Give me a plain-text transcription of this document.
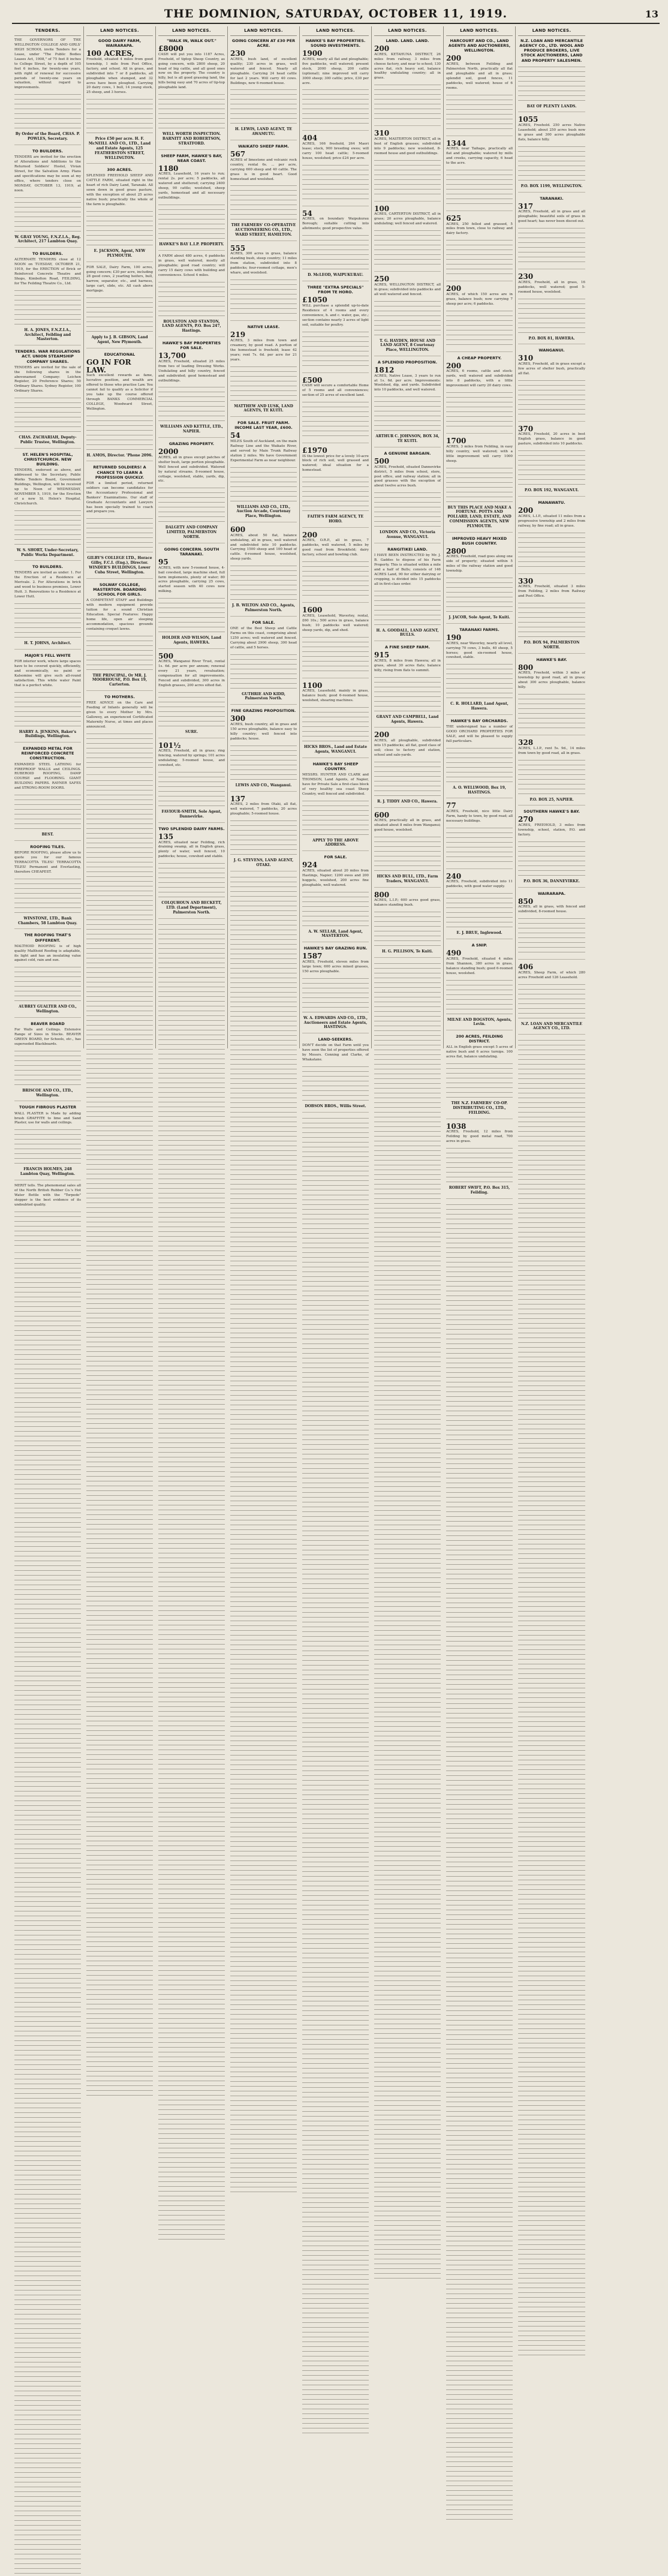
THE DOMINION, SATURDAY, OCTOBER 11, 1919.	13
TENDERS.
THE GOVERNORS OF THE WELLINGTON COLLEGE AND GIRLS' HIGH SCHOOL invite Tenders for a Lease, under "The Public Bodies Leases Act, 1908," of 75 feet 8 inches to College Street, by a depth of 105 feet 6 inches, for twenty-one years, with right of renewal for successive periods of twenty-one years on valuation, without regard to improvements.
By Order of the Board, CHAS. P. POWLES, Secretary.
TO BUILDERS.
TENDERS are invited for the erection of Alterations and Additions to the Returned Soldiers' Hostel, Vivian Street, for the Salvation Army. Plans and specifications may be seen at my office, where tenders close on MONDAY, OCTOBER 13, 1919, at noon.
W. GRAY YOUNG, F.N.Z.I.A., Reg. Architect, 217 Lambton Quay.
TO BUILDERS.
ALTERNATE TENDERS close at 12 NOON on TUESDAY, OCTOBER 21, 1919, for the ERECTION of Brick or Reinforced Concrete Theatre and Shops, Kimbolton Road, FEILDING, for The Feilding Theatre Co., Ltd.
H. A. JONES, F.N.Z.I.A., Architect, Feilding and Masterton.
TENDERS. WAR REGULATIONS ACT. UNION STEAMSHIP COMPANY SHARES.
TENDERS are invited for the sale of the following shares in the abovenamed Company: Leichen Register, 20 Preference Shares; 50 Ordinary Shares. Sydney Register, 100 Ordinary Shares.
CHAS. ZACHARIAH, Deputy-Public Trustee, Wellington.
ST. HELEN'S HOSPITAL, CHRISTCHURCH. NEW BUILDING.
TENDERS, endorsed as above, and addressed to the Secretary, Public Works Tenders Board, Government Buildings, Wellington, will be received up to Noon of WEDNESDAY, NOVEMBER 5, 1919, for the Erection of a new St. Helen's Hospital, Christchurch.
W. S. SHORT, Under-Secretary, Public Works Department.
TO BUILDERS.
TENDERS are invited as under: 1. For the Erection of a Residence at Merivale. 2. For Alterations in brick and wood to business premises, Lower Hutt. 3. Renovations to a Residence at Lower Hutt.
H. T. JOHNS, Architect.
MAJOR'S FELL WHITE
FOR interior work, where large spaces have to be covered quickly, efficiently, and economically, no paint or Kalsomine will give such all-round satisfaction. This white water Paint that is a perfect white.
HARRY A. JENKINS, Baker's Buildings, Wellington.
EXPANDED METAL FOR REINFORCED CONCRETE CONSTRUCTION.
EXPANDED STEEL LATHING for FIREPROOF WALLS and CEILINGS. RUBEROID ROOFING, DAMP COURSE and FLOORING. GIANT BUILDING PAPERS. RAYNER SAFES and STRONG-ROOM DOORS.
BEST.
ROOFING TILES.
BEFORE ROOFING, please allow us to quote you for our famous TERRACOTTA TILES! TERRACOTTA TILES! Permanent and Everlasting, therefore CHEAPEST.
WINSTONE, LTD., Bank Chambers, 58 Lambton Quay.
THE ROOFING THAT'S DIFFERENT.
MALTHOID ROOFING is of high quality Malthoid Roofing is adaptable, its light and has an insulating value against cold, rain and sun.
AUBREY GUALTER AND CO., Wellington.
BEAVER BOARD
For Walls and Ceilings. Extensive Range of Sizes in Stocks. BEAVER GREEN BOARD, for Schools, etc., has superseded Blackboards.
BRISCOE AND CO., LTD., Wellington.
TOUGH FIBROUS PLASTER
WALL PLASTER is Made by adding brush GRAFFITE to lime and Sand Plaster, use for walls and ceilings.
FRANCIS HOLMES, 248 Lambton Quay, Wellington.
MERIT tells. The phenomenal sales all of the North British Rubber Co.'s Hot Water Bottle with the "Torpedo" stopper is the best evidence of its undoubted quality.
LAND NOTICES.
GOOD DAIRY FARM, WAIRARAPA.
100 ACRES,
Freehold, situated 4 miles from good township, 1 mile from Post Office, factory, and school. All in grass, and subdivided into 7 or 8 paddocks, all ploughable when stumped, and 32 acres have been ploughed. Carrying 20 dairy cows, 1 bull, 14 young stock, 25 sheep, and 3 horses.
Price £50 per acre. H. F. McNEILL AND CO., LTD., Land and Estate Agents, 125 FEATHERSTON STREET, WELLINGTON.
300 ACRES.
SPLENDID FREEHOLD SHEEP AND CATTLE FARM, situated right in the heart of rich Dairy Land, Taranaki. All sown down in good grass pasture, with the exception of about 25 acres native bush; practically the whole of the farm is ploughable.
E. JACKSON, Agent, NEW PLYMOUTH.
FOR SALE, Dairy Farm, 100 acres, going concern; £30 per acre, including 28 good cows, 2 yearling heifers, bull, harrow, separator, etc., and harness, large cart, slide, etc. All cash above mortgage.
Apply to J. B. GIBSON, Land Agent, New Plymouth.
EDUCATIONAL
GO IN FOR LAW.
Such excellent rewards as fame, lucrative position, and wealth are offered to those who practise Law. You cannot fail to qualify as a Solicitor if you take up the course offered through BANKS COMMERCIAL COLLEGE, Woodward Street, Wellington.
H. AMOS, Director. 'Phone 2096.
RETURNED SOLDIERS! A CHANCE TO LEARN A PROFESSION QUICKLY.
FOR a limited period, returned soldiers can become candidates for the Accountancy Professional and Bankers' Examinations. Our staff of Graduate Accountants and Lawyers has been specially trained to coach and prepare you.
GILBY'S COLLEGE LTD., Horace Gilby, F.C.I. (Eng.), Director. WINDER'S BUILDINGS, Lower Cuba Street, Wellington.
SOLWAY COLLEGE, MASTERTON. BOARDING SCHOOL FOR GIRLS.
A COMPETENT STAFF and Buildings with modern equipment provide tuition for a sound Christian Education. Special Features: Happy home life, open air sleeping accommodation, spacious grounds containing croquet lawns.
THE PRINCIPAL, Or MR. J. MOORHOUSE, P.O. Box 19, Carterton.
TO MOTHERS.
FREE ADVICE on the Care and Feeding of Infants generally will be given to every Mother by Mrs. Gallowey, an experienced Certificated Maternity Nurse, at times and places announced.
LAND NOTICES.
"WALK IN, WALK OUT."
£8000
CASH will put you into 1187 Acres, Freehold, of tiptop Sheep Country, as going concern, with 2800 sheep, 20 head of big cattle, and all good ones now on the property. The country is hilly, but is all good grassing land, the hills being easy and 70 acres of tip-top ploughable land.
WELL WORTH INSPECTION. BARNITT AND ROBERTSON, STRATFORD.
SHEEP FARM, HAWKE'S BAY, NEAR COAST.
1180
ACRES, Leasehold, 16 years to run; rental 2s. per acre; 5 paddocks, all watered and sheltered; carrying 2400 sheep, 90 cattle; woolshed, sheep yards, homestead and all necessary outbuildings.
HAWKE'S BAY L.I.P. PROPERTY.
A FARM about 480 acres, 6 paddocks in grass, well watered, mostly all ploughable; good road country; will carry 15 dairy cows with building and conveniences. School 4 miles.
ROULSTON AND STANTON, LAND AGENTS, P.O. Box 247, Hastings.
HAWKE'S BAY PROPERTIES FOR SALE.
13,700
ACRES, Freehold, situated 25 miles from two of leading Dressing Works. Undulating and hilly country, fenced and subdivided; good homestead and outbuildings.
WILLIAMS AND KETTLE, LTD., NAPIER.
GRAZING PROPERTY.
2000
ACRES, all in grass except patches of shelter bush, large portion ploughable. Well fenced and subdivided. Watered by natural streams. 8-roomed house, cottage, woolshed, stable, yards, dip, etc.
DALGETY AND COMPANY LIMITED, PALMERSTON NORTH.
GOING CONCERN. SOUTH TARANAKI.
95
ACRES, with new 5-roomed house, 4-bail cowshed, large machine shed, full farm implements, plenty of water; 80 acres ploughable, carrying 25 cows, started season with 40 cows now milking.
HOLDER AND WILSON, Land Agents, HAWERA.
500
ACRES, Wanganui River Trust, rental 1s. 6d. per acre per annum; renewal every 21 years, revaluation; compensation for all improvements. Fenced and subdivided, 300 acres in English grasses, 200 acres silted flat.
SURE.
101½
ACRES, Freehold, all in grass; ring fencing, watered by springs; 101 acres undulating; 5-roomed house, and cowshed, etc.
FAVIOUR-SMITH, Sole Agent, Dannevirke.
TWO SPLENDID DAIRY FARMS.
135
ACRES, situated near Feilding, rich draining swamp, all in English grass, plenty of water, well fenced, 10 paddocks; house, cowshed and stable.
COLQUHOUN AND BECKETT, LTD. (Land Department), Palmerston North.
LAND NOTICES.
GOING CONCERN AT £30 PER ACRE.
230
ACRES, bush land, of excellent quality; 230 acres in grass, well watered and fenced. Nearly all ploughable. Carrying 24 head cattle for last 2 years. Will carry 40 cows. Buildings, new 6-roomed house.
H. LEWIS, LAND AGENT, TE AWAMUTU.
WAIKATO SHEEP FARM.
567
ACRES of limestone and volcanic rock country, rental 6s. ... per acre, carrying 600 sheep and 40 cattle. The grass is in good heart. Good homestead and woolshed.
THE FARMERS' CO-OPERATIVE AUCTIONEERING CO., LTD., WARD STREET, HAMILTON.
555
ACRES, 300 acres in grass, balance standing bush, steep country; 11 miles from station, subdivided into 8 paddocks; four-roomed cottage, men's whare, and woolshed.
NATIVE LEASE.
219
ACRES, 3 miles from town and creamery, by good road. A portion of the homestead is freehold; lease 42 years; rent 7s. 6d. per acre for 21 years.
MATTHEW AND LUSK, LAND AGENTS, TE KUITI.
FOR SALE. FRUIT FARM. INCOME LAST YEAR, £600.
54
MILES South of Auckland, on the main Railway Line and the Waikato River, and served by Main Trunk Railway station 2 miles. We have Government Experimental Farm as near neighbour.
WILLIAMS AND CO., LTD., Auction Arcade, Courtenay Place, Wellington.
600
ACRES, about 50 flat, balance undulating, all in grass, well watered and subdivided into 10 paddocks. Carrying 1500 sheep and 100 head of cattle. 6-roomed house, woolshed, sheep yards.
J. B. WILTON AND CO., Agents, Palmerston North.
FOR SALE.
ONE of the Best Sheep and Cattle Farms on this coast, comprising about 1250 acres; well watered and fenced. Carrying about 2900 sheep, 300 head of cattle, and 5 horses.
GUTHRIE AND KIDD, Palmerston North.
FINE GRAZING PROPOSITION.
300
ACRES, bush country, all in grass and 150 acres ploughable, balance easy to hilly country; well fenced into paddocks; house.
LEWIS AND CO., Wanganui.
137
ACRES, 2 miles from Otaki, all flat, well watered, 7 paddocks, 20 acres ploughable; 5-roomed house.
J. G. STEVENS, LAND AGENT, OTAKI.
LAND NOTICES.
HAWKE'S BAY PROPERTIES. SOUND INVESTMENTS.
1900
ACRES, nearly all flat and ploughable; five paddocks, well watered; present stock, 2000 sheep, 200 cattle (optional); nine improved will carry 3000 sheep; 300 cattle; price, £30 per acre.
404
ACRES, 166 freehold, 264 Maori lease; stock, 900 breeding ewes; will carry 100 head cattle; 5-roomed house, woolshed; price £24 per acre.
54
ACRES, on boundary Waipukurau Borough; suitable cutting into allotments; good prospective value.
D. McLEOD, WAIPUKURAU.
THREE "EXTRA SPECIALS" FROM TE HORO.
£1050
WILL purchase a splendid up-to-date Residence of 4 rooms and every convenience, h. and c. water, gas, etc.; section contains nearly 3 acres of light soil, suitable for poultry.
£500
CASH will secure a comfortable Home of 5 rooms and all conveniences; section of 25 acres of excellent land.
£1970
IS the lowest price for a lovely 10-acre block of rich soil, well grassed and watered; ideal situation for a homestead.
FAITH'S FARM AGENCY, TE HORO.
200
ACRES, O.R.P., all in grass, 7 paddocks, well watered, 5 miles by good road from Brookfield; dairy factory, school and bowling club.
1600
ACRES, Leasehold, Waverley, rental, £60 10s.; 500 acres in grass, balance bush; 10 paddocks well watered; sheep yards, dip, and shed.
1100
ACRES, Leasehold, mainly in grass, balance bush; good 6-roomed house, woolshed, shearing machines.
HICKS BROS., Land and Estate Agents, WANGANUI.
HAWKE'S BAY SHEEP COUNTRY.
MESSRS. HUNTER AND CLARK and THOMSON, Land Agents, of Napier, have for Private Sale a first-class block of very healthy sea coast Sheep Country, well fenced and subdivided.
APPLY TO THE ABOVE ADDRESS.
FOR SALE.
924
ACRES, situated about 20 miles from Hastings, Napier; 1200 ewes and 200 hoggets, woolshed, 200 acres fine ploughable, well watered.
A. W. SELLAR, Land Agent, MASTERTON.
HAWKE'S BAY GRAZING RUN.
1587
ACRES, Freehold, eleven miles from large town; 600 acres mixed grasses, 150 acres ploughable.
W. A. EDWARDS AND CO., LTD., Auctioneers and Estate Agents, HASTINGS.
LAND-SEEKERS.
DON'T decide on that Farm until you have seen the list of properties offered by Messrs. Conning and Clarke, of Whakatane.
DOBSON BROS., Willis Street.
LAND NOTICES.
LAND. LAND. LAND.
200
ACRES, KETAHUNA DISTRICT, 26 miles from railway, 3 miles from cheese factory, and near to school; 130 acres flat, rich heavy soil, balance healthy undulating country; all in grass.
310
ACRES, MASTERTON DISTRICT, all in best of English grasses; subdivided into 9 paddocks; new woolshed, 8-roomed house and good outbuildings.
100
ACRES, CARTERTON DISTRICT, all in grass; 20 acres ploughable, balance undulating; well fenced and watered.
250
ACRES, WELLINGTON DISTRICT, all in grass; subdivided into paddocks and all well watered and fenced.
T. G. HAYDEN, HOUSE AND LAND AGENT, 8 Courtenay Place, WELLINGTON.
A SPLENDID PROPOSITION.
1812
ACRES, Native Lease, 3 years to run at 1s. 6d. per acre. Improvements: Woolshed, dip, and yards. Subdivided into 10 paddocks, and well watered.
ARTHUR C. JOHNSON, BOX 34, TE KUITI.
A GENUINE BARGAIN.
500
ACRES, Freehold, situated Dannevirke district, 5 miles from school, store, post office, and railway station; all in good grasses with the exception of about twelve acres bush.
LONDON AND CO., Victoria Avenue, WANGANUI.
RANGITIKEI LAND.
I HAVE BEEN INSTRUCTED by Mr. J. B. Gaddes to dispose of his Farm Property. This is situated within a mile and a half of Bulls; consists of 146 ACRES Land, 90 for either dairying or cropping, is divided into 15 paddocks all in first-class order.
H. A. GOODALL, LAND AGENT, BULLS.
A FINE SHEEP FARM.
915
ACRES, 8 miles from Hawera; all in grass, about 30 acres flats; balance hilly, rising from flats to summit.
GRANT AND CAMPBELL, Land Agents, Hawera.
200
ACRES, all ploughable, subdivided into 15 paddocks; all flat, good class of soil; close to factory and station, school and sale-yards.
R. J. TIDDY AND CO., Hawera.
600
ACRES, practically all in grass, and situated about 8 miles from Wanganui; good house, woolshed.
HICKS AND BULL, LTD., Farm Traders, WANGANUI.
800
ACRES, L.I.P.; 600 acres good grass, balance standing bush.
H. G. PILLISON, Te Kuiti.
LAND NOTICES.
HARCOURT AND CO., LAND AGENTS AND AUCTIONEERS, WELLINGTON.
200
ACRES, between Feilding and Palmerston North, practically all flat and ploughable and all in grass; splendid soil, good fences, 11 paddocks, well watered; house of 6 rooms.
1344
ACRES, near Taihape, practically all flat and ploughable; watered by mills and creeks, carrying capacity, 6 head to the acre.
625
ACRES, 250 felled and grassed, 5 miles from town, close to railway and dairy factory.
200
ACRES, of which 150 acres are in grass, balance bush; now carrying 7 sheep per acre; 6 paddocks.
A CHEAP PROPERTY.
200
ACRES, 6 rooms, cattle and stock-yards, well watered and subdivided into 8 paddocks, with a little improvement will carry 20 dairy cows.
1700
ACRES, 3 miles from Feilding, in easy hilly country, well watered; with a little improvement will carry 1000 sheep.
BUY THIS PLACE AND MAKE A FORTUNE. POTTS AND POLLARD, LAND, ESTATE, AND COMMISSION AGENTS, NEW PLYMOUTH.
IMPROVED HEAVY MIXED BUSH COUNTRY.
2800
ACRES, Freehold, road goes along one side of property; situated within 5 miles of the railway station and good township.
J. JACOB, Sole Agent, Te Kuiti.
TARANAKI FARMS.
190
ACRES, near Waverley, nearly all level, carrying 70 cows, 3 bulls, 40 sheep, 5 horses; good six-roomed house, cowshed, stable.
C. R. HOLLARD, Land Agent, Hawera.
HAWKE'S BAY ORCHARDS.
THE undersigned has a number of GOOD ORCHARD PROPERTIES FOR SALE, and will be pleased to supply full particulars.
A. O. WELLWOOD, Box 19, HASTINGS.
77
ACRES, Freehold, nice little Dairy Farm, handy to town, by good road; all necessary buildings.
240
ACRES, Freehold, subdivided into 11 paddocks, with good water supply.
E. J. BRUE, Inglewood.
A SNIP.
490
ACRES, Freehold, situated 4 miles from Shannon, 380 acres in grass, balance standing bush; good 6-roomed house, woolshed.
MILNE AND BOGSTON, Agents, Levin.
200 ACRES, FEILDING DISTRICT.
ALL in English grass except 5 acres of native bush and 6 acres turnips. 100 acres flat, balance undulating.
THE N.Z. FARMERS' CO-OP. DISTRIBUTING CO., LTD., FEILDING.
1038
ACRES, Freehold, 12 miles from Feilding by good metal road, 700 acres in grass.
ROBERT SWIFT, P.O. Box 315, Feilding.
LAND NOTICES.
N.Z. LOAN AND MERCANTILE AGENCY CO., LTD. WOOL AND PRODUCE BROKERS, LIVE STOCK AUCTIONEERS, LAND AND PROPERTY SALESMEN.
BAY OF PLENTY LANDS.
1055
ACRES, Freehold. 250 acres Native Leasehold; about 250 acres bush now in grass and 300 acres ploughable flats, balance hilly.
P.O. BOX 1199, WELLINGTON.
TARANAKI.
317
ACRES, Freehold, all in grass and all ploughable; beautiful soils of grass in good heart; has never been disced out.
230
ACRES, Freehold, all in grass, 16 paddocks, well watered; good 5-roomed house, woolshed.
P.O. BOX 81, HAWERA.
WANGANUI.
310
ACRES, Freehold, all in grass except a few acres of shelter bush, practically all flat.
370
ACRES, Freehold, 20 acres in best English grass, balance in good pasture, subdivided into 10 paddocks.
P.O. BOX 192, WANGANUI.
MANAWATU.
200
ACRES, L.I.P., situated 11 miles from a progressive township and 2 miles from railway, by fine road; all in grass.
330
ACRES, Freehold, situated 3 miles from Feilding, 2 miles from Railway and Post Office.
P.O. BOX 94, PALMERSTON NORTH.
HAWKE'S BAY.
800
ACRES, Freehold, within 3 miles of township by good road, all in grass; about 300 acres ploughable, balance hilly.
328
ACRES, L.I.P., rent 5s. 9d., 14 miles from town by good road, all in grass.
P.O. BOX 25, NAPIER.
SOUTHERN HAWKE'S BAY.
270
ACRES, FREEHOLD, 3 miles from township, school, station, P.O. and factory.
P.O. BOX 36, DANNEVIRKE.
WAIRARAPA.
850
ACRES, all in grass, with fenced and subdivided, 8-roomed house.
406
ACRES, Sheep Farm, of which 280 acres Freehold and 126 Leasehold.
N.Z. LOAN AND MERCANTILE AGENCY CO., LTD.
